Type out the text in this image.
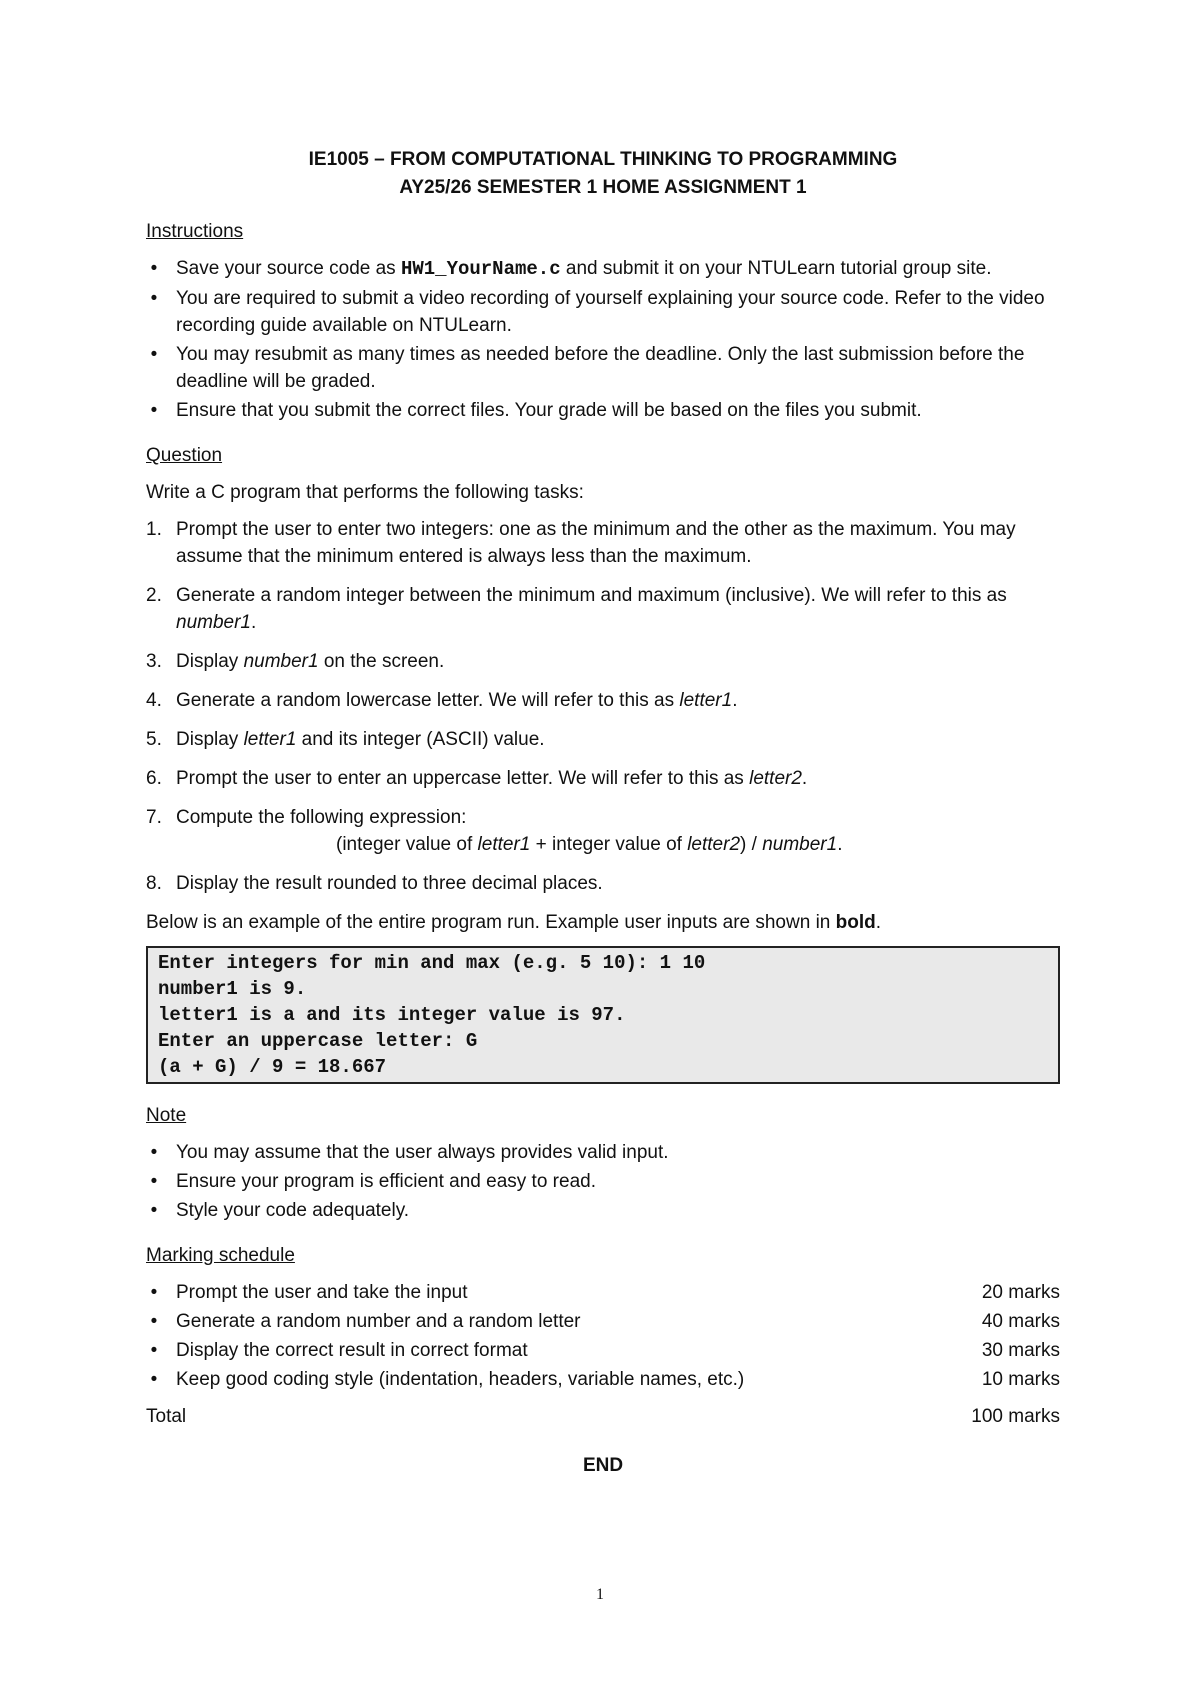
IE1005 – FROM COMPUTATIONAL THINKING TO PROGRAMMING
AY25/26 SEMESTER 1 HOME ASSIGNMENT 1
Instructions
• Save your source code as HW1_YourName.c and submit it on your NTULearn tutorial group site.
• You are required to submit a video recording of yourself explaining your source code. Refer to the video recording guide available on NTULearn.
• You may resubmit as many times as needed before the deadline. Only the last submission before the deadline will be graded.
• Ensure that you submit the correct files. Your grade will be based on the files you submit.
Question
Write a C program that performs the following tasks:
1. Prompt the user to enter two integers: one as the minimum and the other as the maximum. You may assume that the minimum entered is always less than the maximum.
2. Generate a random integer between the minimum and maximum (inclusive). We will refer to this as number1.
3. Display number1 on the screen.
4. Generate a random lowercase letter. We will refer to this as letter1.
5. Display letter1 and its integer (ASCII) value.
6. Prompt the user to enter an uppercase letter. We will refer to this as letter2.
7. Compute the following expression:
(integer value of letter1 + integer value of letter2) / number1.
8. Display the result rounded to three decimal places.
Below is an example of the entire program run. Example user inputs are shown in bold.
Enter integers for min and max (e.g. 5 10): 1 10
number1 is 9.
letter1 is a and its integer value is 97.
Enter an uppercase letter: G
(a + G) / 9 = 18.667
Note
• You may assume that the user always provides valid input.
• Ensure your program is efficient and easy to read.
• Style your code adequately.
Marking schedule
• Prompt the user and take the input	20 marks
• Generate a random number and a random letter	40 marks
• Display the correct result in correct format	30 marks
• Keep good coding style (indentation, headers, variable names, etc.)	10 marks
Total	100 marks
END
1
